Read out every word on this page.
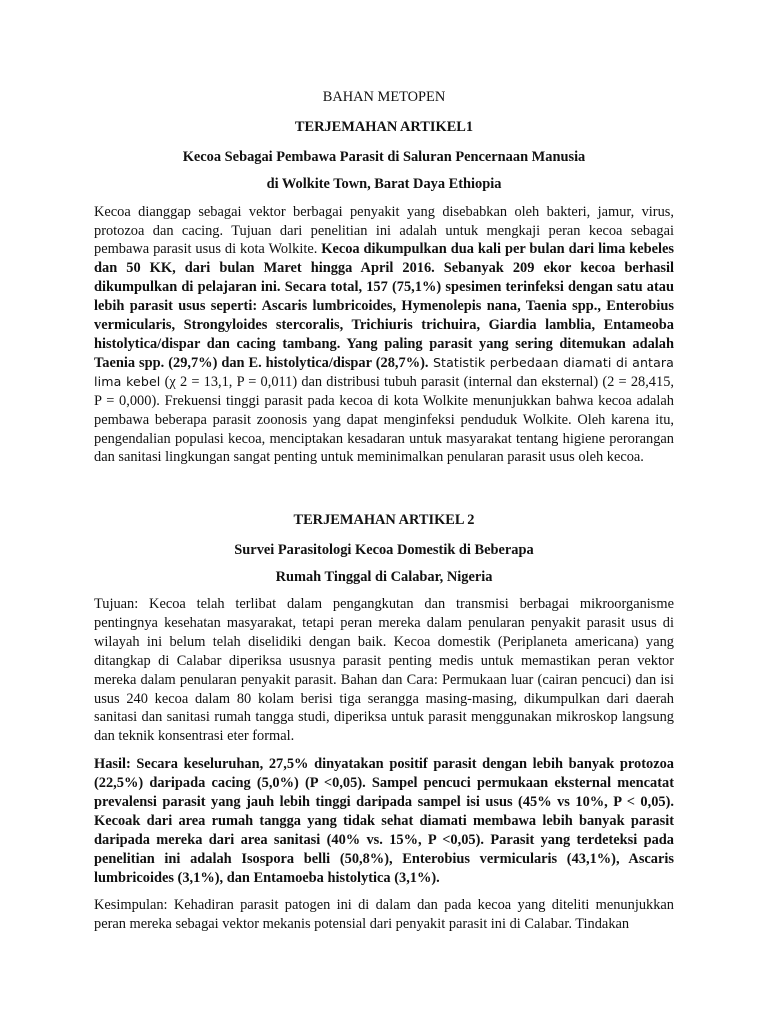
BAHAN METOPEN
TERJEMAHAN ARTIKEL1
Kecoa Sebagai Pembawa Parasit di Saluran Pencernaan Manusia
di Wolkite Town, Barat Daya Ethiopia

Kecoa dianggap sebagai vektor berbagai penyakit yang disebabkan oleh bakteri, jamur, virus, protozoa dan cacing. Tujuan dari penelitian ini adalah untuk mengkaji peran kecoa sebagai pembawa parasit usus di kota Wolkite. Kecoa dikumpulkan dua kali per bulan dari lima kebeles dan 50 KK, dari bulan Maret hingga April 2016. Sebanyak 209 ekor kecoa berhasil dikumpulkan di pelajaran ini. Secara total, 157 (75,1%) spesimen terinfeksi dengan satu atau lebih parasit usus seperti: Ascaris lumbricoides, Hymenolepis nana, Taenia spp., Enterobius vermicularis, Strongyloides stercoralis, Trichiuris trichuira, Giardia lamblia, Entameoba histolytica/dispar dan cacing tambang. Yang paling parasit yang sering ditemukan adalah Taenia spp. (29,7%) dan E. histolytica/dispar (28,7%). Statistik perbedaan diamati di antara lima kebel (χ 2 = 13,1, P = 0,011) dan distribusi tubuh parasit (internal dan eksternal) (2 = 28,415, P = 0,000). Frekuensi tinggi parasit pada kecoa di kota Wolkite menunjukkan bahwa kecoa adalah pembawa beberapa parasit zoonosis yang dapat menginfeksi penduduk Wolkite. Oleh karena itu, pengendalian populasi kecoa, menciptakan kesadaran untuk masyarakat tentang higiene perorangan dan sanitasi lingkungan sangat penting untuk meminimalkan penularan parasit usus oleh kecoa.

TERJEMAHAN ARTIKEL 2
Survei Parasitologi Kecoa Domestik di Beberapa
Rumah Tinggal di Calabar, Nigeria

Tujuan: Kecoa telah terlibat dalam pengangkutan dan transmisi berbagai mikroorganisme pentingnya kesehatan masyarakat, tetapi peran mereka dalam penularan penyakit parasit usus di wilayah ini belum telah diselidiki dengan baik. Kecoa domestik (Periplaneta americana) yang ditangkap di Calabar diperiksa ususnya parasit penting medis untuk memastikan peran vektor mereka dalam penularan penyakit parasit. Bahan dan Cara: Permukaan luar (cairan pencuci) dan isi usus 240 kecoa dalam 80 kolam berisi tiga serangga masing-masing, dikumpulkan dari daerah sanitasi dan sanitasi rumah tangga studi, diperiksa untuk parasit menggunakan mikroskop langsung dan teknik konsentrasi eter formal.

Hasil: Secara keseluruhan, 27,5% dinyatakan positif parasit dengan lebih banyak protozoa (22,5%) daripada cacing (5,0%) (P <0,05). Sampel pencuci permukaan eksternal mencatat prevalensi parasit yang jauh lebih tinggi daripada sampel isi usus (45% vs 10%, P < 0,05). Kecoak dari area rumah tangga yang tidak sehat diamati membawa lebih banyak parasit daripada mereka dari area sanitasi (40% vs. 15%, P <0,05). Parasit yang terdeteksi pada penelitian ini adalah Isospora belli (50,8%), Enterobius vermicularis (43,1%), Ascaris lumbricoides (3,1%), dan Entamoeba histolytica (3,1%).

Kesimpulan: Kehadiran parasit patogen ini di dalam dan pada kecoa yang diteliti menunjukkan peran mereka sebagai vektor mekanis potensial dari penyakit parasit ini di Calabar. Tindakan
